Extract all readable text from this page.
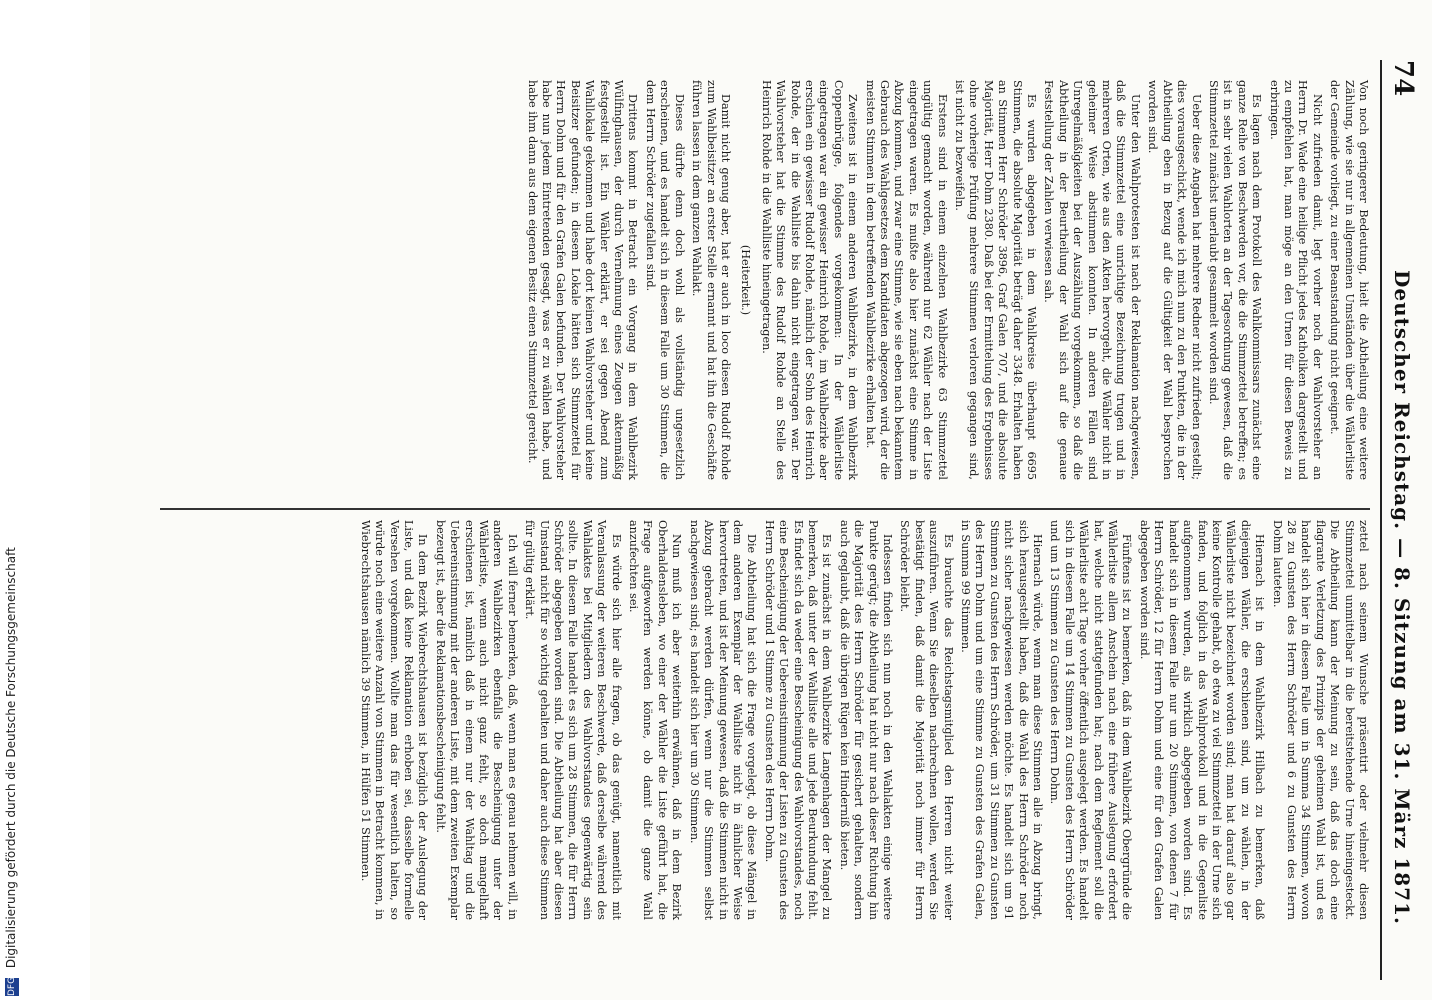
74
Deutscher Reichstag. — 8. Sitzung am 31. März 1871.

Von noch geringerer Bedeutung, hielt die Abtheilung eine weitere Zählung, wie sie nur in allgemeinen Umständen über die Wählerliste der Gemeinde vorliegt, zu einer Beanstandung nicht geeignet.

Nicht zufrieden damit, legt vorher noch der Wahlvorsteher an Herrn Dr. Wade eine heilige Pflicht jedes Katholiken dargestellt und zu empfehlen hat, man möge an den Urnen für diesen Beweis zu erbringen.

Es lagen nach dem Protokoll des Wahlkommissars zunächst eine ganze Reihe von Beschwerden vor, die die Stimmzettel betreffen; es ist in sehr vielen Wahlorten an der Tagesordnung gewesen, daß die Stimmzettel zunächst unerlaubt gesammelt worden sind.

Ueber diese Angaben hat mehrere Redner nicht zufrieden gestellt; dies vorausgeschickt, wende ich mich nun zu den Punkten, die in der Abtheilung eben in Bezug auf die Gültigkeit der Wahl besprochen worden sind.

Unter den Wahlprotesten ist nach der Reklamation nachgewiesen, daß die Stimmzettel eine unrichtige Bezeichnung trugen und in mehreren Orten, wie aus den Akten hervorgeht, die Wähler nicht in geheimer Weise abstimmen konnten. In anderen Fällen sind Unregelmäßigkeiten bei der Auszählung vorgekommen, so daß die Abtheilung in der Beurtheilung der Wahl sich auf die genaue Feststellung der Zahlen verwiesen sah.

Es wurden abgegeben in dem Wahlkreise überhaupt 6695 Stimmen, die absolute Majorität beträgt daher 3348. Erhalten haben an Stimmen Herr Schröder 3896, Graf Galen 707, und die absolute Majorität, Herr Dohm 2380. Daß bei der Ermittelung des Ergebnisses ohne vorherige Prüfung mehrere Stimmen verloren gegangen sind, ist nicht zu bezweifeln.

Erstens sind in einem einzelnen Wahlbezirke 63 Stimmzettel ungültig gemacht worden, während nur 62 Wähler nach der Liste eingetragen waren. Es mußte also hier zunächst eine Stimme in Abzug kommen, und zwar eine Stimme, wie sie eben nach bekanntem Gebrauch des Wahlgesetzes dem Kandidaten abgezogen wird, der die meisten Stimmen in dem betreffenden Wahlbezirke erhalten hat.

Zweitens ist in einem anderen Wahlbezirke, in dem Wahlbezirk Coppenbrügge, folgendes vorgekommen: In der Wählerliste eingetragen war ein gewisser Heinrich Rohde, im Wahlbezirke aber erschien ein gewisser Rudolf Rohde, nämlich der Sohn des Heinrich Rohde, der in die Wahlliste bis dahin nicht eingetragen war. Der Wahlvorsteher hat die Stimme des Rudolf Rohde an Stelle des Heinrich Rohde in die Wahlliste hineingetragen.

(Heiterkeit.)

Damit nicht genug aber, hat er auch in loco diesen Rudolf Rohde zum Wahlbeisitzer an erster Stelle ernannt und hat ihn die Geschäfte führen lassen in dem ganzen Wahlakt.

Dieses dürfte denn doch wohl als vollständig ungesetzlich erscheinen, und es handelt sich in diesem Falle um 30 Stimmen, die dem Herrn Schröder zugefallen sind.

Drittens kommt in Betracht ein Vorgang in dem Wahlbezirk Wülfinghausen, der durch Vernehmung eines Zeugen aktenmäßig festgestellt ist. Ein Wähler erklärt, er sei gegen Abend zum Wahllokale gekommen und habe dort keinen Wahlvorsteher und keine Beisitzer gefunden; in diesem Lokale hätten sich Stimmzettel für Herrn Dohm und für den Grafen Galen befunden. Der Wahlvorsteher habe nun jedem Eintretenden gesagt, was er zu wählen habe, und habe ihm dann aus dem eigenen Besitz einen Stimmzettel gereicht.

zettel nach seinem Wunsche präsentirt oder vielmehr diesen Stimmzettel unmittelbar in die bereitstehende Urne hineingesteckt. Die Abtheilung kann der Meinung zu sein, daß das doch eine flagrante Verletzung des Prinzips der geheimen Wahl ist, und es handelt sich hier in diesem Falle um in Summa 34 Stimmen, wovon 28 zu Gunsten des Herrn Schröder und 6 zu Gunsten des Herrn Dohm lauteten.

Hiernach ist in dem Wahlbezirk Hilbach zu bemerken, daß diejenigen Wähler, die erschienen sind, um zu wählen, in der Wählerliste nicht bezeichnet worden sind; man hat darauf also gar keine Kontrolle gehabt, ob etwa zu viel Stimmzettel in der Urne sich fanden, und folglich in das Wahlprotokoll und in die Gegenliste aufgenommen wurden, als wirklich abgegeben worden sind. Es handelt sich in diesem Falle nur um 20 Stimmen, von denen 7 für Herrn Schröder, 12 für Herrn Dohm und eine für den Grafen Galen abgegeben worden sind.

Fünftens ist zu bemerken, daß in dem Wahlbezirk Obergründe die Wählerliste allem Anschein nach eine frühere Auslegung erfordert hat, welche nicht stattgefunden hat; nach dem Reglement soll die Wählerliste acht Tage vorher öffentlich ausgelegt werden. Es handelt sich in diesem Falle um 14 Stimmen zu Gunsten des Herrn Schröder und um 13 Stimmen zu Gunsten des Herrn Dohm.

Hiernach würde, wenn man diese Stimmen alle in Abzug bringt, sich herausgestellt haben, daß die Wahl des Herrn Schröder noch nicht sicher nachgewiesen werden möchte. Es handelt sich um 91 Stimmen zu Gunsten des Herrn Schröder, um 31 Stimmen zu Gunsten des Herrn Dohm und um eine Stimme zu Gunsten des Grafen Galen, in Summa 99 Stimmen.

Es brauchte das Reichstagsmitglied den Herren nicht weiter auszuführen. Wenn Sie dieselben nachrechnen wollen, werden Sie bestätigt finden, daß damit die Majorität noch immer für Herrn Schröder bleibt.

Indessen finden sich nun noch in den Wahlakten einige weitere Punkte gerügt; die Abtheilung hat nicht nur nach dieser Richtung hin die Majorität des Herrn Schröder für gesichert gehalten, sondern auch geglaubt, daß die übrigen Rügen kein Hinderniß bieten.

Es ist zunächst in dem Wahlbezirke Langenhagen der Mangel zu bemerken, daß unter der Wahlliste alle und jede Beurkundung fehlt. Es findet sich da weder eine Bescheinigung des Wahlvorstandes, noch eine Bescheinigung der Uebereinstimmung der Listen zu Gunsten des Herrn Schröder und 1 Stimme zu Gunsten des Herrn Dohm.

Die Abtheilung hat sich die Frage vorgelegt, ob diese Mängel in dem anderen Exemplar der Wahlliste nicht in ähnlicher Weise hervortreten, und ist der Meinung gewesen, daß die Stimmen nicht in Abzug gebracht werden dürfen, wenn nur die Stimmen selbst nachgewiesen sind; es handelt sich hier um 30 Stimmen.

Nun muß ich aber weiterhin erwähnen, daß in dem Bezirk Oberhaldensleben, wo einer der Wähler die Liste geführt hat, die Frage aufgeworfen werden könne, ob damit die ganze Wahl anzufechten sei.

Es würde sich hier alle fragen, ob das genügt, namentlich mit Veranlassung der weiteren Beschwerde, daß derselbe während des Wahlaktes bei Mitgliedern des Wahlvorstandes gegenwärtig sein sollte. In diesem Falle handelt es sich um 28 Stimmen, die für Herrn Schröder abgegeben worden sind. Die Abtheilung hat aber diesen Umstand nicht für so wichtig gehalten und daher auch diese Stimmen für gültig erklärt.

Ich will ferner bemerken, daß, wenn man es genau nehmen will, in anderen Wahlbezirken ebenfalls die Bescheinigung unter der Wählerliste, wenn auch nicht ganz fehlt, so doch mangelhaft erschienen ist, nämlich daß in einem nur der Wahltag und die Uebereinstimmung mit der anderen Liste, mit dem zweiten Exemplar bezeugt ist, aber die Reklamationsbescheinigung fehlt.

In dem Bezirk Wiebrechtshausen ist bezüglich der Auslegung der Liste, und daß keine Reklamation erhoben sei, dasselbe formelle Versehen vorgekommen. Wollte man das für wesentlich halten, so würde noch eine weitere Anzahl von Stimmen in Betracht kommen, in Wiebrechtshausen nämlich 39 Stimmen, in Hülfen 51 Stimmen.

DFG Digitalisierung gefördert durch die Deutsche Forschungsgemeinschaft
